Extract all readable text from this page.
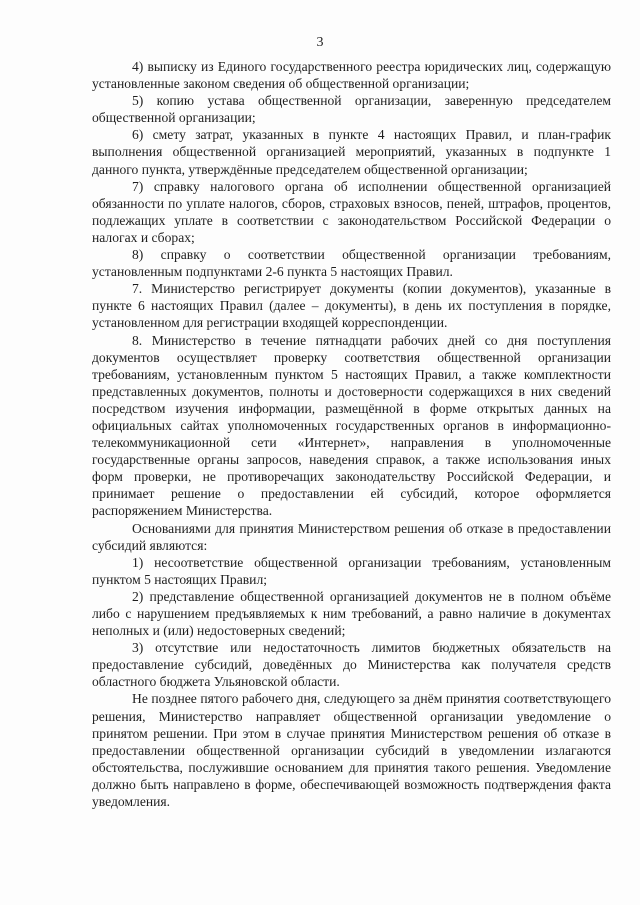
3

4) выписку из Единого государственного реестра юридических лиц, содержащую установленные законом сведения об общественной организации;

5) копию устава общественной организации, заверенную председателем общественной организации;

6) смету затрат, указанных в пункте 4 настоящих Правил, и план-график выполнения общественной организацией мероприятий, указанных в подпункте 1 данного пункта, утверждённые председателем общественной организации;

7) справку налогового органа об исполнении общественной организацией обязанности по уплате налогов, сборов, страховых взносов, пеней, штрафов, процентов, подлежащих уплате в соответствии с законодательством Российской Федерации о налогах и сборах;

8) справку о соответствии общественной организации требованиям, установленным подпунктами 2-6 пункта 5 настоящих Правил.

7. Министерство регистрирует документы (копии документов), указанные в пункте 6 настоящих Правил (далее – документы), в день их поступления в порядке, установленном для регистрации входящей корреспонденции.

8. Министерство в течение пятнадцати рабочих дней со дня поступления документов осуществляет проверку соответствия общественной организации требованиям, установленным пунктом 5 настоящих Правил, а также комплектности представленных документов, полноты и достоверности содержащихся в них сведений посредством изучения информации, размещённой в форме открытых данных на официальных сайтах уполномоченных государственных органов в информационно-телекоммуникационной сети «Интернет», направления в уполномоченные государственные органы запросов, наведения справок, а также использования иных форм проверки, не противоречащих законодательству Российской Федерации, и принимает решение о предоставлении ей субсидий, которое оформляется распоряжением Министерства.

Основаниями для принятия Министерством решения об отказе в предоставлении субсидий являются:

1) несоответствие общественной организации требованиям, установленным пунктом 5 настоящих Правил;

2) представление общественной организацией документов не в полном объёме либо с нарушением предъявляемых к ним требований, а равно наличие в документах неполных и (или) недостоверных сведений;

3) отсутствие или недостаточность лимитов бюджетных обязательств на предоставление субсидий, доведённых до Министерства как получателя средств областного бюджета Ульяновской области.

Не позднее пятого рабочего дня, следующего за днём принятия соответствующего решения, Министерство направляет общественной организации уведомление о принятом решении. При этом в случае принятия Министерством решения об отказе в предоставлении общественной организации субсидий в уведомлении излагаются обстоятельства, послужившие основанием для принятия такого решения. Уведомление должно быть направлено в форме, обеспечивающей возможность подтверждения факта уведомления.
